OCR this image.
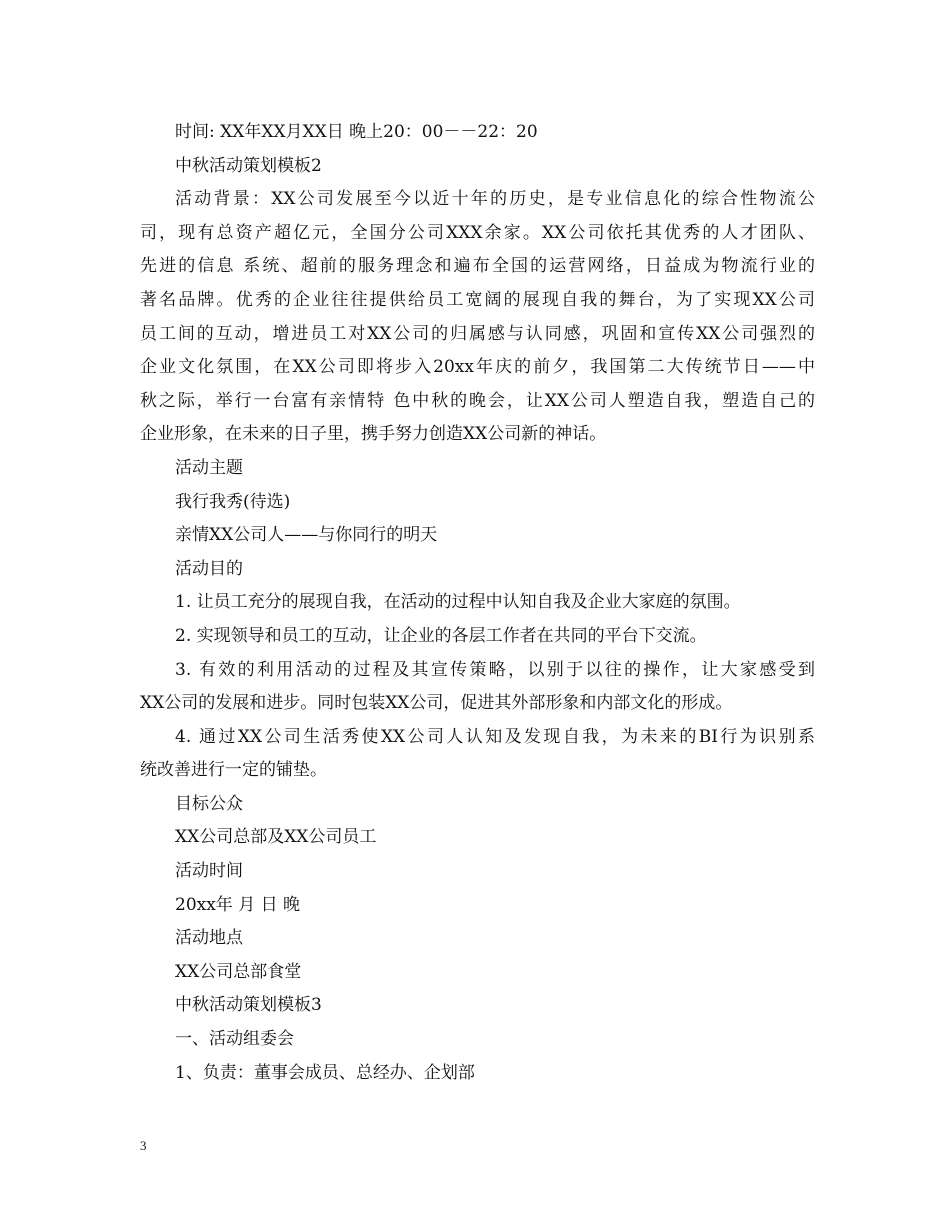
时间: XX年XX月XX日 晚上20：00－－22：20
中秋活动策划模板2
活动背景：XX公司发展至今以近十年的历史，是专业信息化的综合性物流公
司，现有总资产超亿元，全国分公司XXX余家。XX公司依托其优秀的人才团队、
先进的信息 系统、超前的服务理念和遍布全国的运营网络，日益成为物流行业的
著名品牌。优秀的企业往往提供给员工宽阔的展现自我的舞台，为了实现XX公司
员工间的互动，增进员工对XX公司的归属感与认同感，巩固和宣传XX公司强烈的
企业文化氛围，在XX公司即将步入20xx年庆的前夕，我国第二大传统节日——中
秋之际，举行一台富有亲情特 色中秋的晚会，让XX公司人塑造自我，塑造自己的
企业形象，在未来的日子里，携手努力创造XX公司新的神话。
活动主题
我行我秀(待选)
亲情XX公司人——与你同行的明天
活动目的
1. 让员工充分的展现自我，在活动的过程中认知自我及企业大家庭的氛围。
2. 实现领导和员工的互动，让企业的各层工作者在共同的平台下交流。
3. 有效的利用活动的过程及其宣传策略，以别于以往的操作，让大家感受到
XX公司的发展和进步。同时包装XX公司，促进其外部形象和内部文化的形成。
4. 通过XX公司生活秀使XX公司人认知及发现自我，为未来的BI行为识别系
统改善进行一定的铺垫。
目标公众
XX公司总部及XX公司员工
活动时间
20xx年 月 日 晚
活动地点
XX公司总部食堂
中秋活动策划模板3
一、活动组委会
1、负责：董事会成员、总经办、企划部
3
